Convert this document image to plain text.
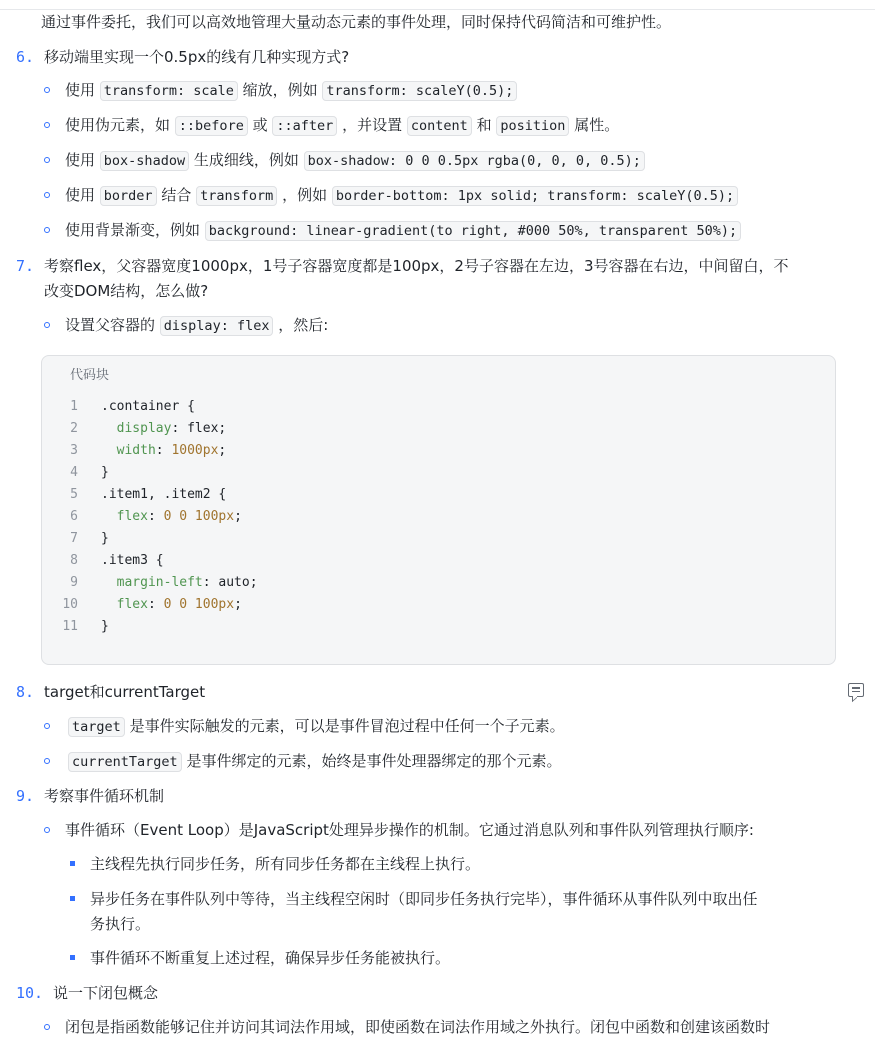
通过事件委托，我们可以高效地管理大量动态元素的事件处理，同时保持代码简洁和可维护性。
6. 移动端里实现一个0.5px的线有几种实现方式?
使用 transform: scale 缩放，例如 transform: scaleY(0.5);
使用伪元素，如 ::before 或 ::after ，并设置 content 和 position 属性。
使用 box-shadow 生成细线，例如 box-shadow: 0 0 0.5px rgba(0, 0, 0, 0.5);
使用 border 结合 transform ，例如 border-bottom: 1px solid; transform: scaleY(0.5);
使用背景渐变，例如 background: linear-gradient(to right, #000 50%, transparent 50%);
7. 考察flex，父容器宽度1000px，1号子容器宽度都是100px，2号子容器在左边，3号容器在右边，中间留白，不
改变DOM结构，怎么做?
设置父容器的 display: flex ，然后:
代码块
1 .container {
2	display: flex;
3	width: 1000px;
4 }
5 .item1, .item2 {
6	flex: 0 0 100px;
7 }
8 .item3 {
9	margin-left: auto;
10	flex: 0 0 100px;
11 }
8. target和currentTarget
target 是事件实际触发的元素，可以是事件冒泡过程中任何一个子元素。
currentTarget 是事件绑定的元素，始终是事件处理器绑定的那个元素。
9. 考察事件循环机制
事件循环（Event Loop）是JavaScript处理异步操作的机制。它通过消息队列和事件队列管理执行顺序:
主线程先执行同步任务，所有同步任务都在主线程上执行。
异步任务在事件队列中等待，当主线程空闲时（即同步任务执行完毕），事件循环从事件队列中取出任
务执行。
事件循环不断重复上述过程，确保异步任务能被执行。
10. 说一下闭包概念
闭包是指函数能够记住并访问其词法作用域，即使函数在词法作用域之外执行。闭包中函数和创建该函数时
